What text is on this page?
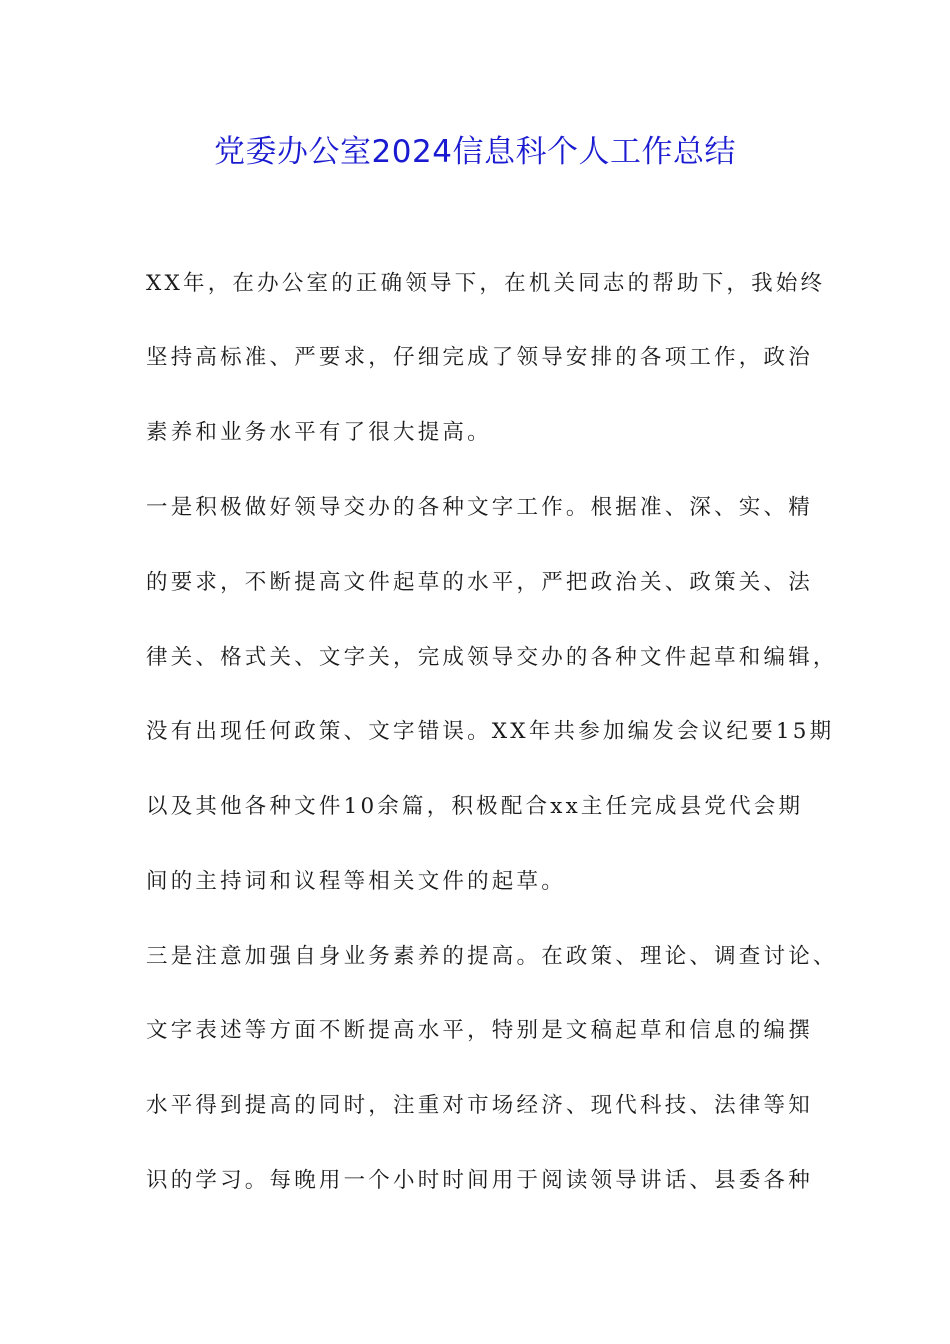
党委办公室2024信息科个人工作总结

XX年，在办公室的正确领导下，在机关同志的帮助下，我始终

坚持高标准、严要求，仔细完成了领导安排的各项工作，政治

素养和业务水平有了很大提高。

一是积极做好领导交办的各种文字工作。根据准、深、实、精

的要求，不断提高文件起草的水平，严把政治关、政策关、法

律关、格式关、文字关，完成领导交办的各种文件起草和编辑，

没有出现任何政策、文字错误。XX年共参加编发会议纪要15期

以及其他各种文件10余篇，积极配合xx主任完成县党代会期

间的主持词和议程等相关文件的起草。

三是注意加强自身业务素养的提高。在政策、理论、调查讨论、

文字表述等方面不断提高水平，特别是文稿起草和信息的编撰

水平得到提高的同时，注重对市场经济、现代科技、法律等知

识的学习。每晚用一个小时时间用于阅读领导讲话、县委各种
